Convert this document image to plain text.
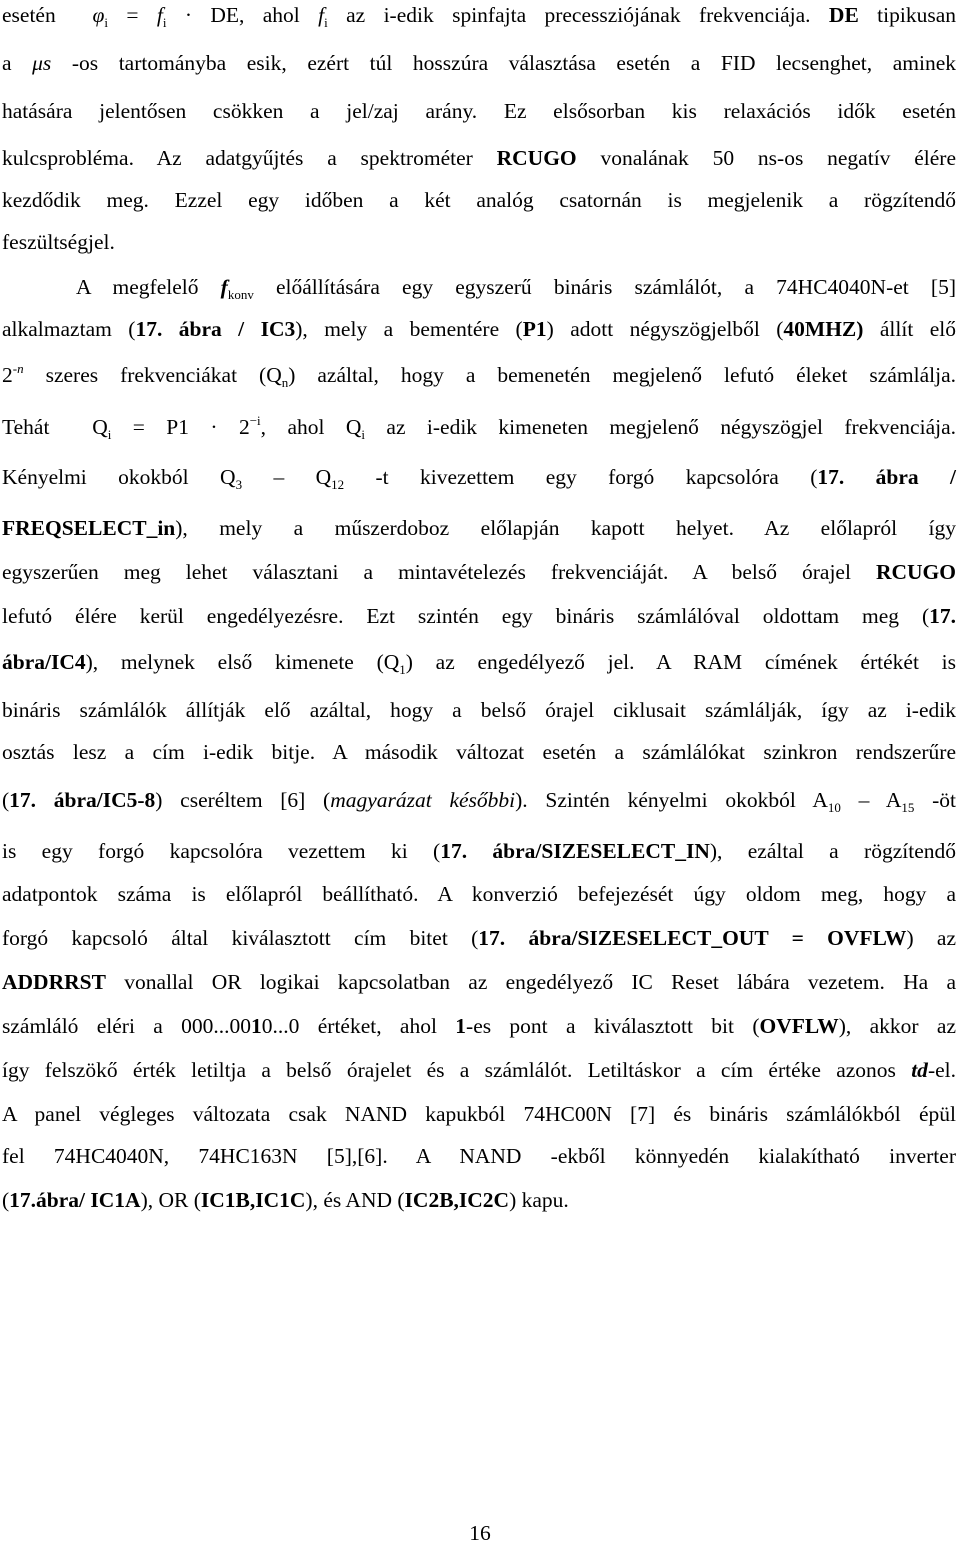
esetén  $\varphi_i = f_i$ · DE, ahol $f_i$ az i-edik spinfajta precessziójának frekvenciája. DE tipikusan
a μs -os tartományba esik, ezért túl hosszúra választása esetén a FID lecsenghet, aminek
hatására jelentősen csökken a jel/zaj arány. Ez elsősorban kis relaxációs idők esetén
kulcsprobléma. Az adatgyűjtés a spektrométer RCUGO vonalának 50 ns-os negatív élére
kezdődik meg. Ezzel egy időben a két analóg csatornán is megjelenik a rögzítendő
feszültségjel.
A megfelelő $f_{konv}$ előállítására egy egyszerű bináris számlálót, a 74HC4040N-et [5]
alkalmaztam (17. ábra / IC3), mely a bementére (P1) adott négyszögjelből (40MHZ) állít elő
$2^{-n}$ szeres frekvenciákat $(Q_n)$ azáltal, hogy a bemenetén megjelenő lefutó éleket számlálja.
Tehát  $Q_i = P1 \cdot 2^{-i}$, ahol $Q_i$ az i-edik kimeneten megjelenő négyszögjel frekvenciája.
Kényelmi okokból $Q_3 - Q_{12}$ -t kivezettem egy forgó kapcsolóra (17. ábra /
FREQSELECT_in), mely a műszerdoboz előlapján kapott helyet. Az előlapról így
egyszerűen meg lehet választani a mintavételezés frekvenciáját. A belső órajel RCUGO
lefutó élére kerül engedélyezésre. Ezt szintén egy bináris számlálóval oldottam meg (17.
ábra/IC4), melynek első kimenete $(Q_1)$ az engedélyező jel. A RAM címének értékét is
bináris számlálók állítják elő azáltal, hogy a belső órajel ciklusait számlálják, így az i-edik
osztás lesz a cím i-edik bitje. A második változat esetén a számlálókat szinkron rendszerűre
(17. ábra/IC5-8) cseréltem [6] (magyarázat későbbi). Szintén kényelmi okokból $A_{10} - A_{15}$ -öt
is egy forgó kapcsolóra vezettem ki (17. ábra/SIZESELECT_IN), ezáltal a rögzítendő
adatpontok száma is előlapról beállítható. A konverzió befejezését úgy oldom meg, hogy a
forgó kapcsoló által kiválasztott cím bitet (17. ábra/SIZESELECT_OUT = OVFLW) az
ADDRRST vonallal OR logikai kapcsolatban az engedélyező IC Reset lábára vezetem. Ha a
számláló eléri a 000...0010...0 értéket, ahol 1-es pont a kiválasztott bit (OVFLW), akkor az
így felszökő érték letiltja a belső órajelet és a számlálót. Letiltáskor a cím értéke azonos td-el.
A panel végleges változata csak NAND kapukból 74HC00N [7] és bináris számlálókból épül
fel 74HC4040N, 74HC163N [5],[6]. A NAND -ekből könnyedén kialakítható inverter
(17.ábra/ IC1A), OR (IC1B,IC1C), és AND (IC2B,IC2C) kapu.
16
